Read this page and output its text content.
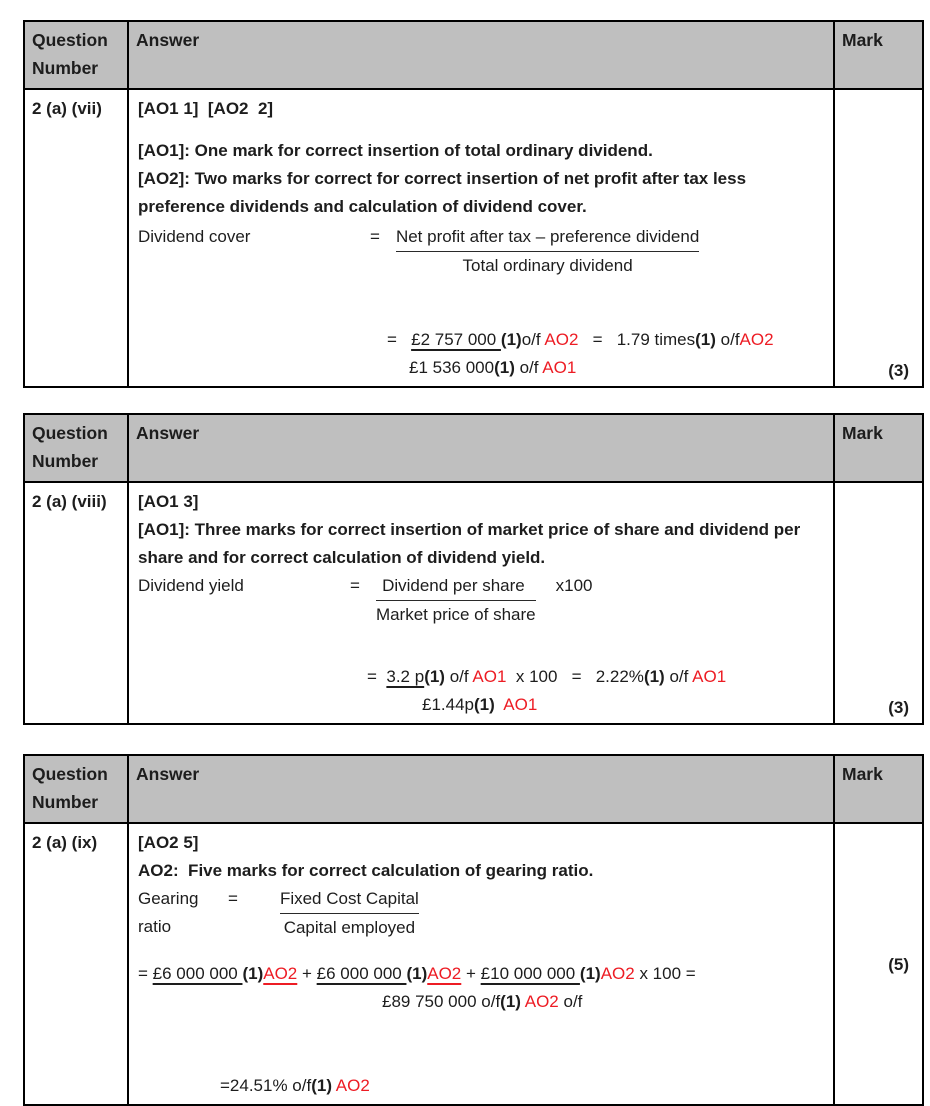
Question
Number	Answer	Mark
2 (a) (vii)	[AO1 1]  [AO2  2]
[AO1]: One mark for correct insertion of total ordinary dividend.
[AO2]: Two marks for correct for correct insertion of net profit after tax less preference dividends and calculation of dividend cover.
Dividend cover	= $\frac{\text{Net profit after tax – preference dividend}}{\text{Total ordinary dividend}}$
=   £2 757 000 (1)o/f AO2   =   1.79 times(1) o/fAO2
£1 536 000(1) o/f AO1	(3)
Question
Number	Answer	Mark
2 (a) (viii)	[AO1 3]
[AO1]: Three marks for correct insertion of market price of share and dividend per share and for correct calculation of dividend yield.
Dividend yield	= $\frac{\text{Dividend per share}}{\text{Market price of share}} x100$
=  3.2 p(1) o/f AO1  x 100   =   2.22%(1) o/f AO1
£1.44p(1) AO1	(3)
Question
Number	Answer	Mark
2 (a) (ix)	[AO2 5]
AO2:  Five marks for correct calculation of gearing ratio.
Gearing ratio
= $\frac{\text{Fixed Cost Capital}}{\text{Capital employed}}$
= £6 000 000 (1)AO2 + £6 000 000 (1)AO2 + £10 000 000 (1)AO2 x 100 =
£89 750 000 o/f(1) AO2 o/f
=24.51% o/f(1) AO2
	(5)
